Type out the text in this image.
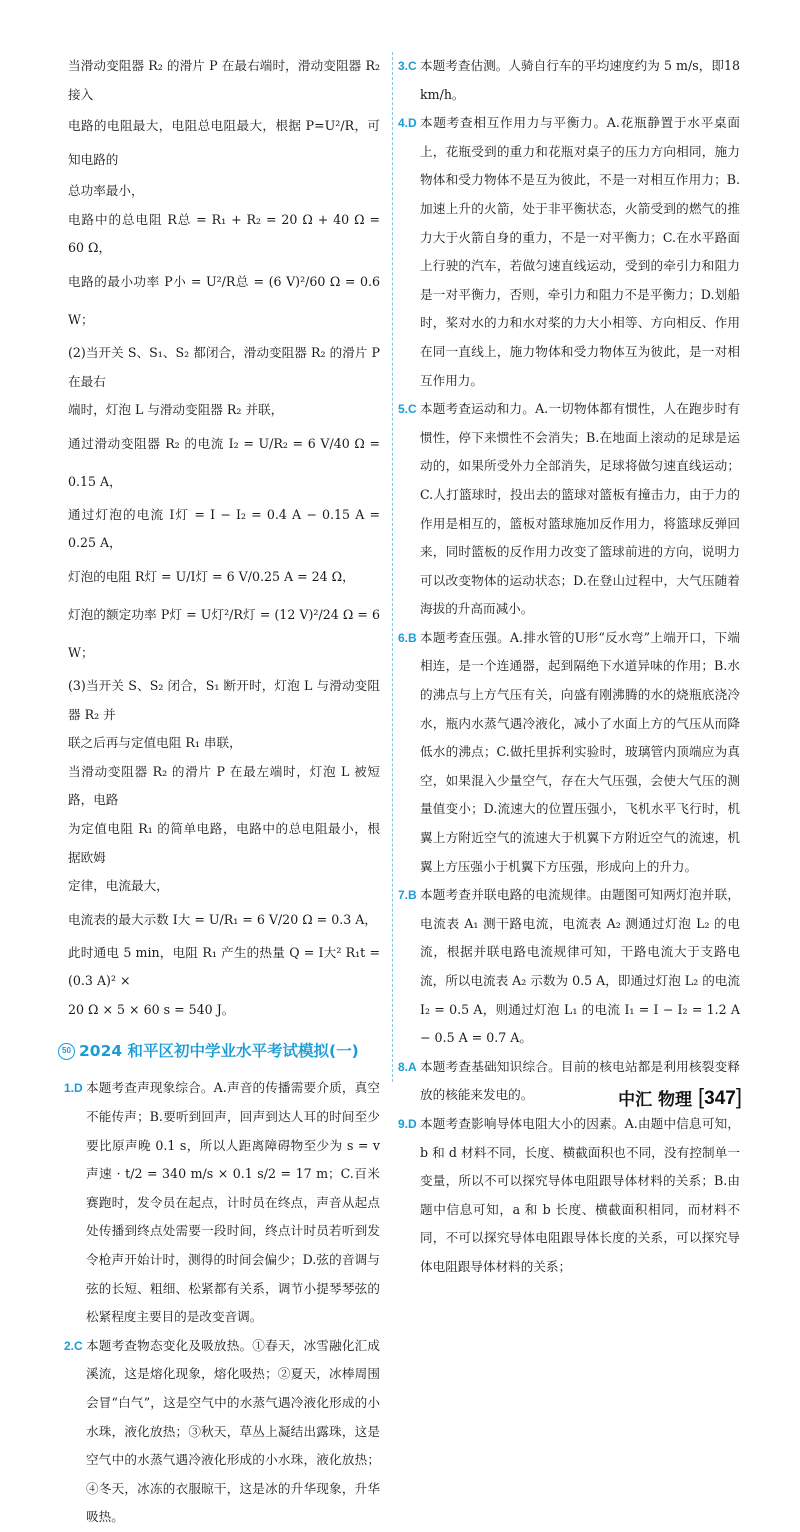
当滑动变阻器 R₂ 的滑片 P 在最右端时，滑动变阻器 R₂ 接入

电路的电阻最大，电阻总电阻最大，根据 P=U²/R，可知电路的

总功率最小，

电路中的总电阻 R总 = R₁ + R₂ = 20 Ω + 40 Ω = 60 Ω，

电路的最小功率 P小 = U²/R总 = (6 V)²/60 Ω = 0.6 W；

(2)当开关 S、S₁、S₂ 都闭合，滑动变阻器 R₂ 的滑片 P 在最右

端时，灯泡 L 与滑动变阻器 R₂ 并联，

通过滑动变阻器 R₂ 的电流 I₂ = U/R₂ = 6 V/40 Ω = 0.15 A，

通过灯泡的电流 I灯 = I − I₂ = 0.4 A − 0.15 A = 0.25 A，

灯泡的电阻 R灯 = U/I灯 = 6 V/0.25 A = 24 Ω，

灯泡的额定功率 P灯 = U灯²/R灯 = (12 V)²/24 Ω = 6 W；

(3)当开关 S、S₂ 闭合，S₁ 断开时，灯泡 L 与滑动变阻器 R₂ 并

联之后再与定值电阻 R₁ 串联，

当滑动变阻器 R₂ 的滑片 P 在最左端时，灯泡 L 被短路，电路

为定值电阻 R₁ 的简单电路，电路中的总电阻最小，根据欧姆

定律，电流最大，

电流表的最大示数 I大 = U/R₁ = 6 V/20 Ω = 0.3 A，

此时通电 5 min，电阻 R₁ 产生的热量 Q = I大² R₁t = (0.3 A)² ×

20 Ω × 5 × 60 s = 540 J。

50 2024 和平区初中学业水平考试模拟(一)
1.D 本题考查声现象综合。A.声音的传播需要介质，真空不能传声；B.要听到回声，回声到达人耳的时间至少要比原声晚 0.1 s，所以人距离障碍物至少为 s = v声速 · t/2 = 340 m/s × 0.1 s/2 = 17 m；C.百米赛跑时，发令员在起点，计时员在终点，声音从起点处传播到终点处需要一段时间，终点计时员若听到发令枪声开始计时，测得的时间会偏少；D.弦的音调与弦的长短、粗细、松紧都有关系，调节小提琴琴弦的松紧程度主要目的是改变音调。

2.C 本题考查物态变化及吸放热。①春天，冰雪融化汇成溪流，这是熔化现象，熔化吸热；②夏天，冰棒周围会冒“白气”，这是空气中的水蒸气遇冷液化形成的小水珠，液化放热；③秋天，草丛上凝结出露珠，这是空气中的水蒸气遇冷液化形成的小水珠，液化放热；④冬天，冰冻的衣服晾干，这是冰的升华现象，升华吸热。

3.C 本题考查估测。人骑自行车的平均速度约为 5 m/s，即18 km/h。

4.D 本题考查相互作用力与平衡力。A.花瓶静置于水平桌面上，花瓶受到的重力和花瓶对桌子的压力方向相同，施力物体和受力物体不是互为彼此，不是一对相互作用力；B.加速上升的火箭，处于非平衡状态，火箭受到的燃气的推力大于火箭自身的重力，不是一对平衡力；C.在水平路面上行驶的汽车，若做匀速直线运动，受到的牵引力和阻力是一对平衡力，否则，牵引力和阻力不是平衡力；D.划船时，桨对水的力和水对桨的力大小相等、方向相反、作用在同一直线上，施力物体和受力物体互为彼此，是一对相互作用力。

5.C 本题考查运动和力。A.一切物体都有惯性，人在跑步时有惯性，停下来惯性不会消失；B.在地面上滚动的足球是运动的，如果所受外力全部消失，足球将做匀速直线运动；C.人打篮球时，投出去的篮球对篮板有撞击力，由于力的作用是相互的，篮板对篮球施加反作用力，将篮球反弹回来，同时篮板的反作用力改变了篮球前进的方向，说明力可以改变物体的运动状态；D.在登山过程中，大气压随着海拔的升高而减小。

6.B 本题考查压强。A.排水管的U形“反水弯”上端开口，下端相连，是一个连通器，起到隔绝下水道异味的作用；B.水的沸点与上方气压有关，向盛有刚沸腾的水的烧瓶底浇冷水，瓶内水蒸气遇冷液化，减小了水面上方的气压从而降低水的沸点；C.做托里拆利实验时，玻璃管内顶端应为真空，如果混入少量空气，存在大气压强，会使大气压的测量值变小；D.流速大的位置压强小，飞机水平飞行时，机翼上方附近空气的流速大于机翼下方附近空气的流速，机翼上方压强小于机翼下方压强，形成向上的升力。

7.B 本题考查并联电路的电流规律。由题图可知两灯泡并联，电流表 A₁ 测干路电流，电流表 A₂ 测通过灯泡 L₂ 的电流，根据并联电路电流规律可知，干路电流大于支路电流，所以电流表 A₂ 示数为 0.5 A，即通过灯泡 L₂ 的电流 I₂ = 0.5 A，则通过灯泡 L₁ 的电流 I₁ = I − I₂ = 1.2 A − 0.5 A = 0.7 A。

8.A 本题考查基础知识综合。目前的核电站都是利用核裂变释放的核能来发电的。

9.D 本题考查影响导体电阻大小的因素。A.由题中信息可知，b 和 d 材料不同，长度、横截面积也不同，没有控制单一变量，所以不可以探究导体电阻跟导体材料的关系；B.由题中信息可知，a 和 b 长度、横截面积相同，而材料不同，不可以探究导体电阻跟导体长度的关系，可以探究导体电阻跟导体材料的关系；

中汇 物理 [347]
